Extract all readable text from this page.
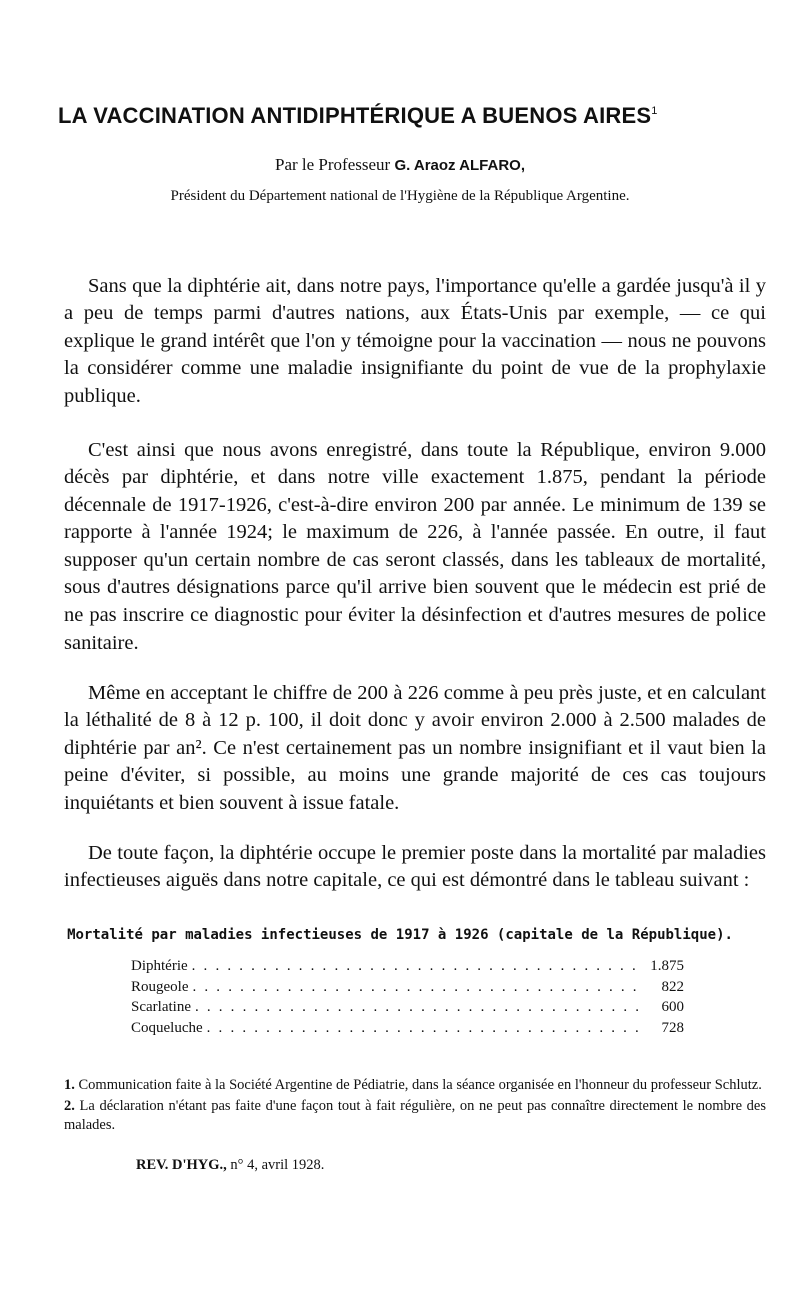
LA VACCINATION ANTIDIPHTÉRIQUE A BUENOS AIRES$^1$
Par le Professeur G. Araoz ALFARO,
Président du Département national de l'Hygiène de la République Argentine.

Sans que la diphtérie ait, dans notre pays, l'importance qu'elle a gardée jusqu'à il y a peu de temps parmi d'autres nations, aux États-Unis par exemple, — ce qui explique le grand intérêt que l'on y témoigne pour la vaccination — nous ne pouvons la considérer comme une maladie insignifiante du point de vue de la prophylaxie publique.

C'est ainsi que nous avons enregistré, dans toute la République, environ 9.000 décès par diphtérie, et dans notre ville exactement 1.875, pendant la période décennale de 1917-1926, c'est-à-dire environ 200 par année. Le minimum de 139 se rapporte à l'année 1924; le maximum de 226, à l'année passée. En outre, il faut supposer qu'un certain nombre de cas seront classés, dans les tableaux de mortalité, sous d'autres désignations parce qu'il arrive bien souvent que le médecin est prié de ne pas inscrire ce diagnostic pour éviter la désinfection et d'autres mesures de police sanitaire.

Même en acceptant le chiffre de 200 à 226 comme à peu près juste, et en calculant la léthalité de 8 à 12 p. 100, il doit donc y avoir environ 2.000 à 2.500 malades de diphtérie par an². Ce n'est certainement pas un nombre insignifiant et il vaut bien la peine d'éviter, si possible, au moins une grande majorité de ces cas toujours inquiétants et bien souvent à issue fatale.

De toute façon, la diphtérie occupe le premier poste dans la mortalité par maladies infectieuses aiguës dans notre capitale, ce qui est démontré dans le tableau suivant :

Mortalité par maladies infectieuses de 1917 à 1926 (capitale de la République).
Diphtérie . . .	1.875
Rougeole . . .	822
Scarlatine . . .	600
Coqueluche . . .	728

1. Communication faite à la Société Argentine de Pédiatrie, dans la séance organisée en l'honneur du professeur Schlutz.

2. La déclaration n'étant pas faite d'une façon tout à fait régulière, on ne peut pas connaître directement le nombre des malades.

REV. D'HYG., n° 4, avril 1928.
